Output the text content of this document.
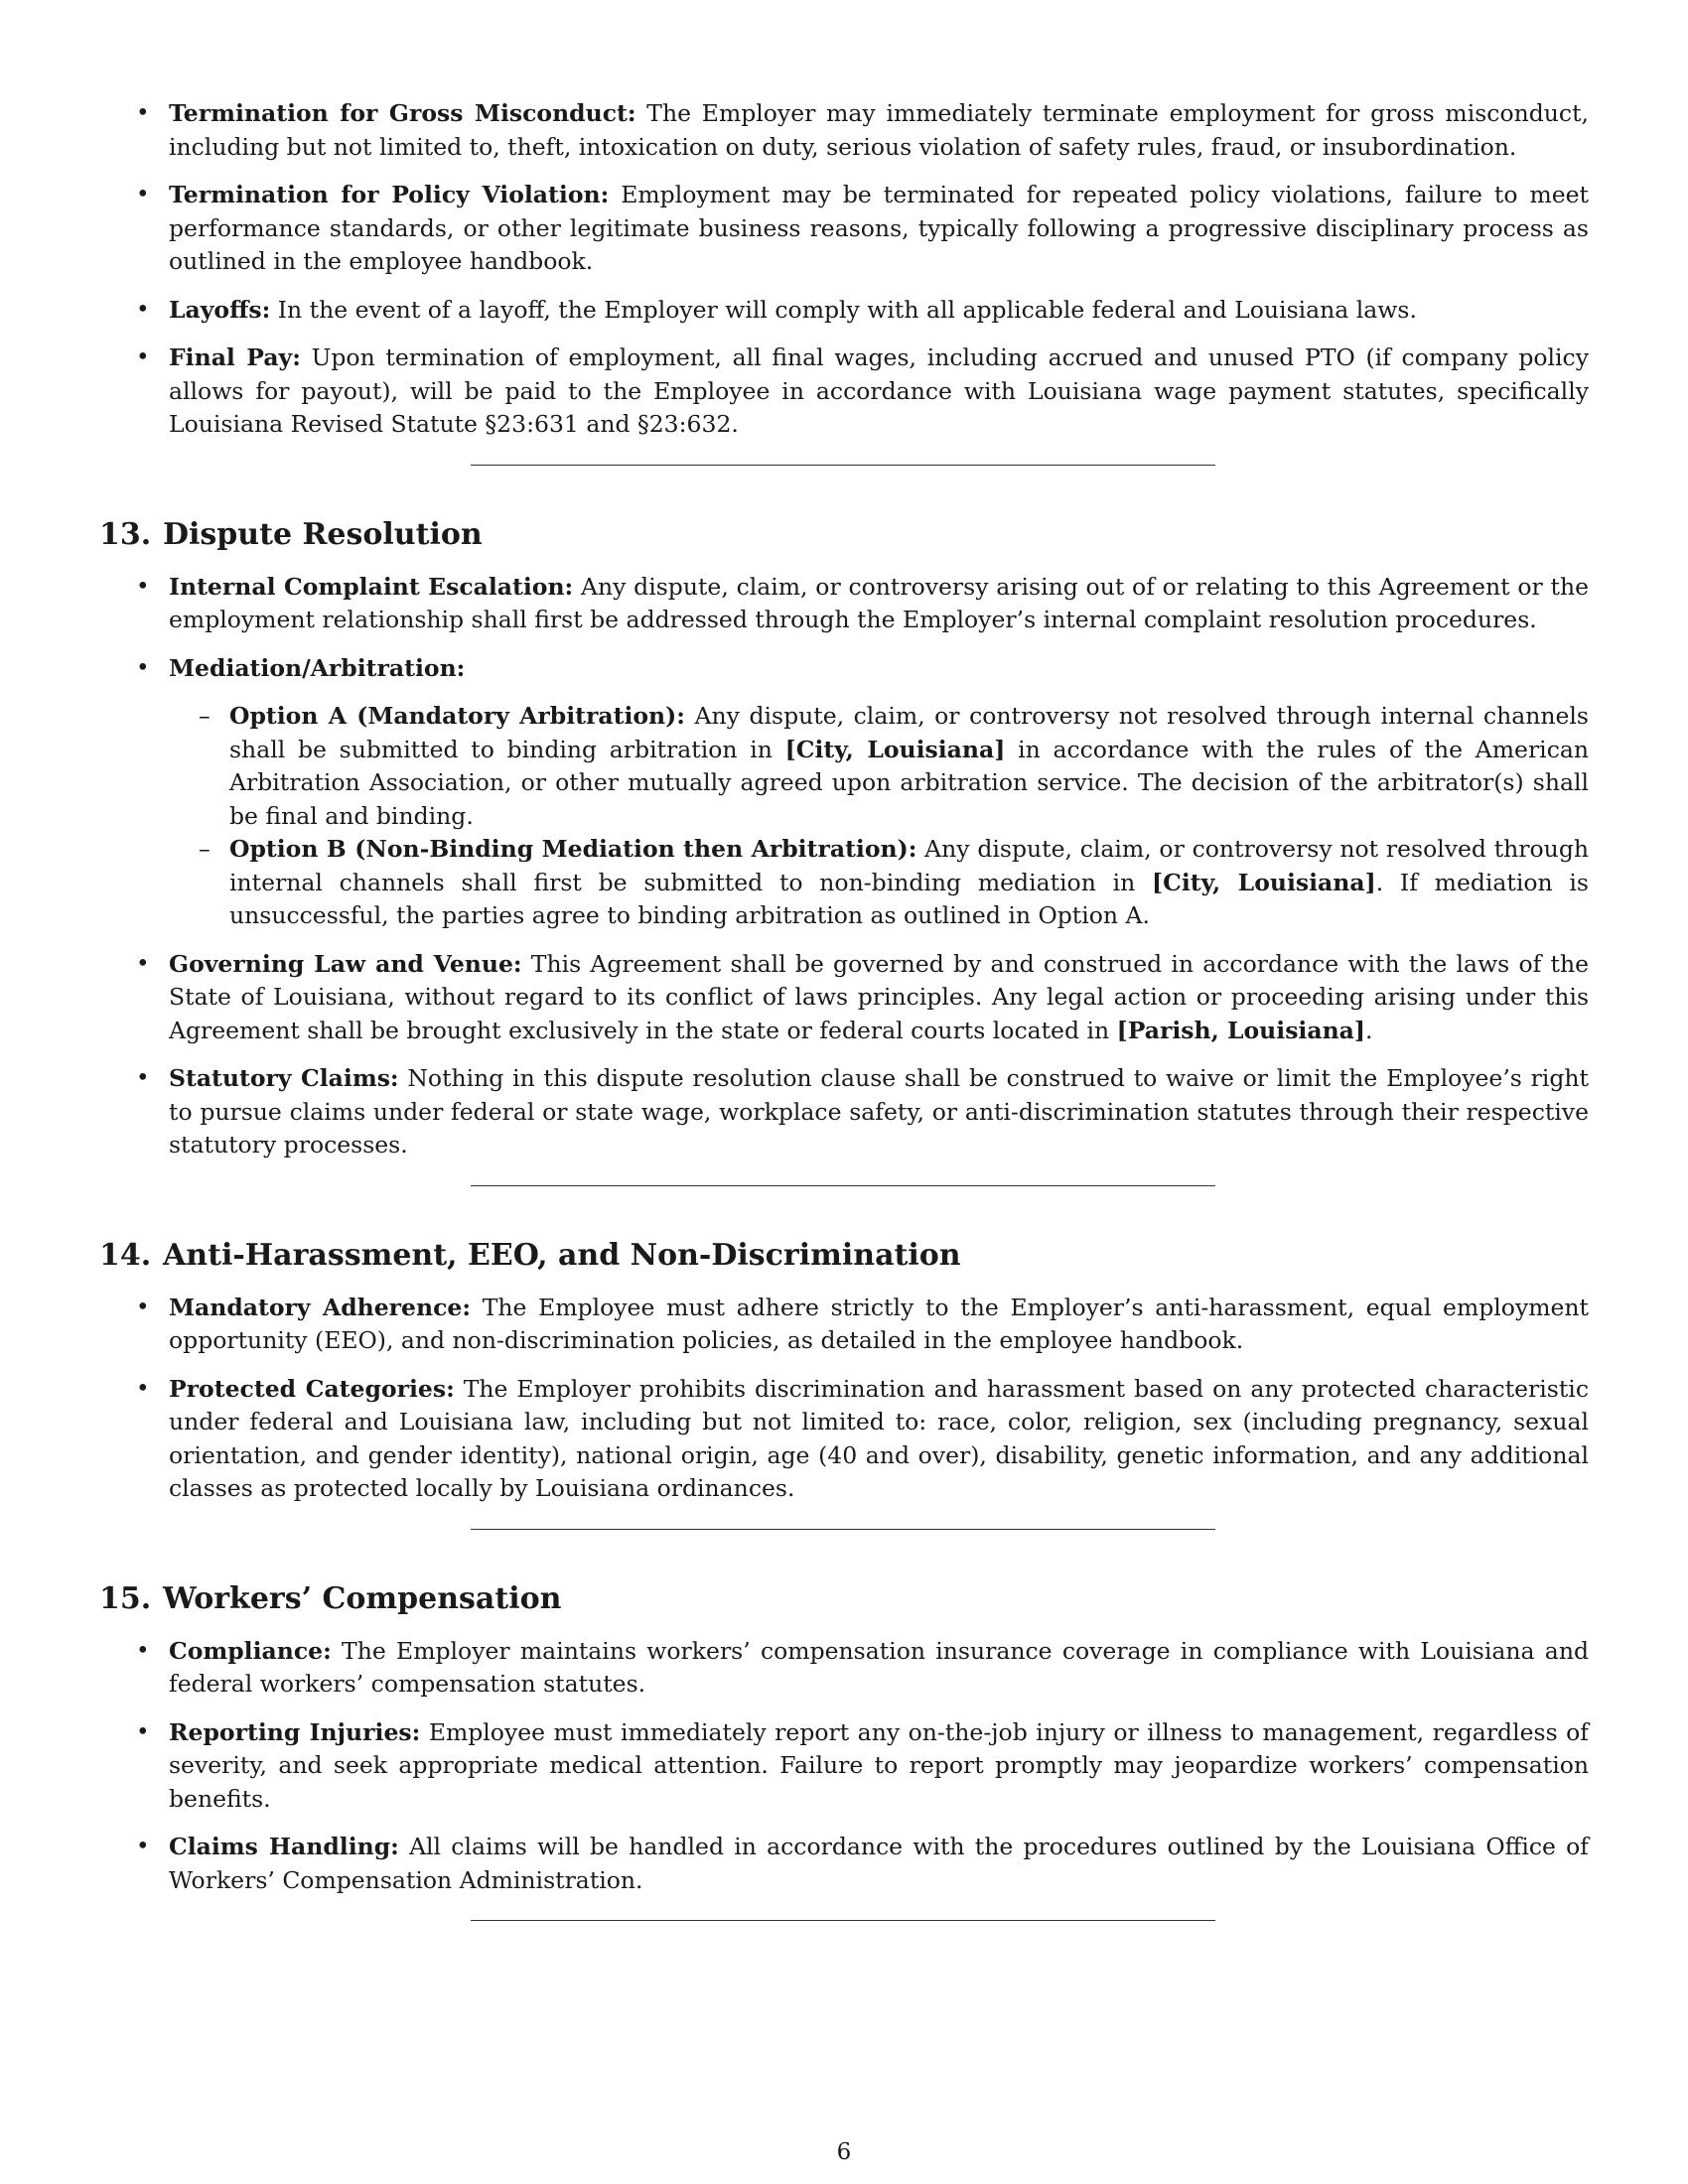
• Termination for Gross Misconduct: The Employer may immediately terminate employment for gross misconduct, including but not limited to, theft, intoxication on duty, serious violation of safety rules, fraud, or insubordination.
• Termination for Policy Violation: Employment may be terminated for repeated policy violations, failure to meet performance standards, or other legitimate business reasons, typically following a progressive disciplinary process as outlined in the employee handbook.
• Layoffs: In the event of a layoff, the Employer will comply with all applicable federal and Louisiana laws.
• Final Pay: Upon termination of employment, all final wages, including accrued and unused PTO (if company policy allows for payout), will be paid to the Employee in accordance with Louisiana wage payment statutes, specifically Louisiana Revised Statute §23:631 and §23:632.
13. Dispute Resolution
• Internal Complaint Escalation: Any dispute, claim, or controversy arising out of or relating to this Agreement or the employment relationship shall first be addressed through the Employer’s internal complaint resolution procedures.
• Mediation/Arbitration:
– Option A (Mandatory Arbitration): Any dispute, claim, or controversy not resolved through internal channels shall be submitted to binding arbitration in [City, Louisiana] in accordance with the rules of the American Arbitration Association, or other mutually agreed upon arbitration service. The decision of the arbitrator(s) shall be final and binding.
– Option B (Non-Binding Mediation then Arbitration): Any dispute, claim, or controversy not resolved through internal channels shall first be submitted to non-binding mediation in [City, Louisiana]. If mediation is unsuccessful, the parties agree to binding arbitration as outlined in Option A.
• Governing Law and Venue: This Agreement shall be governed by and construed in accordance with the laws of the State of Louisiana, without regard to its conflict of laws principles. Any legal action or proceeding arising under this Agreement shall be brought exclusively in the state or federal courts located in [Parish, Louisiana].
• Statutory Claims: Nothing in this dispute resolution clause shall be construed to waive or limit the Employee’s right to pursue claims under federal or state wage, workplace safety, or anti-discrimination statutes through their respective statutory processes.
14. Anti-Harassment, EEO, and Non-Discrimination
• Mandatory Adherence: The Employee must adhere strictly to the Employer’s anti-harassment, equal employment opportunity (EEO), and non-discrimination policies, as detailed in the employee handbook.
• Protected Categories: The Employer prohibits discrimination and harassment based on any protected characteristic under federal and Louisiana law, including but not limited to: race, color, religion, sex (including pregnancy, sexual orientation, and gender identity), national origin, age (40 and over), disability, genetic information, and any additional classes as protected locally by Louisiana ordinances.
15. Workers’ Compensation
• Compliance: The Employer maintains workers’ compensation insurance coverage in compliance with Louisiana and federal workers’ compensation statutes.
• Reporting Injuries: Employee must immediately report any on-the-job injury or illness to management, regardless of severity, and seek appropriate medical attention. Failure to report promptly may jeopardize workers’ compensation benefits.
• Claims Handling: All claims will be handled in accordance with the procedures outlined by the Louisiana Office of Workers’ Compensation Administration.
6
